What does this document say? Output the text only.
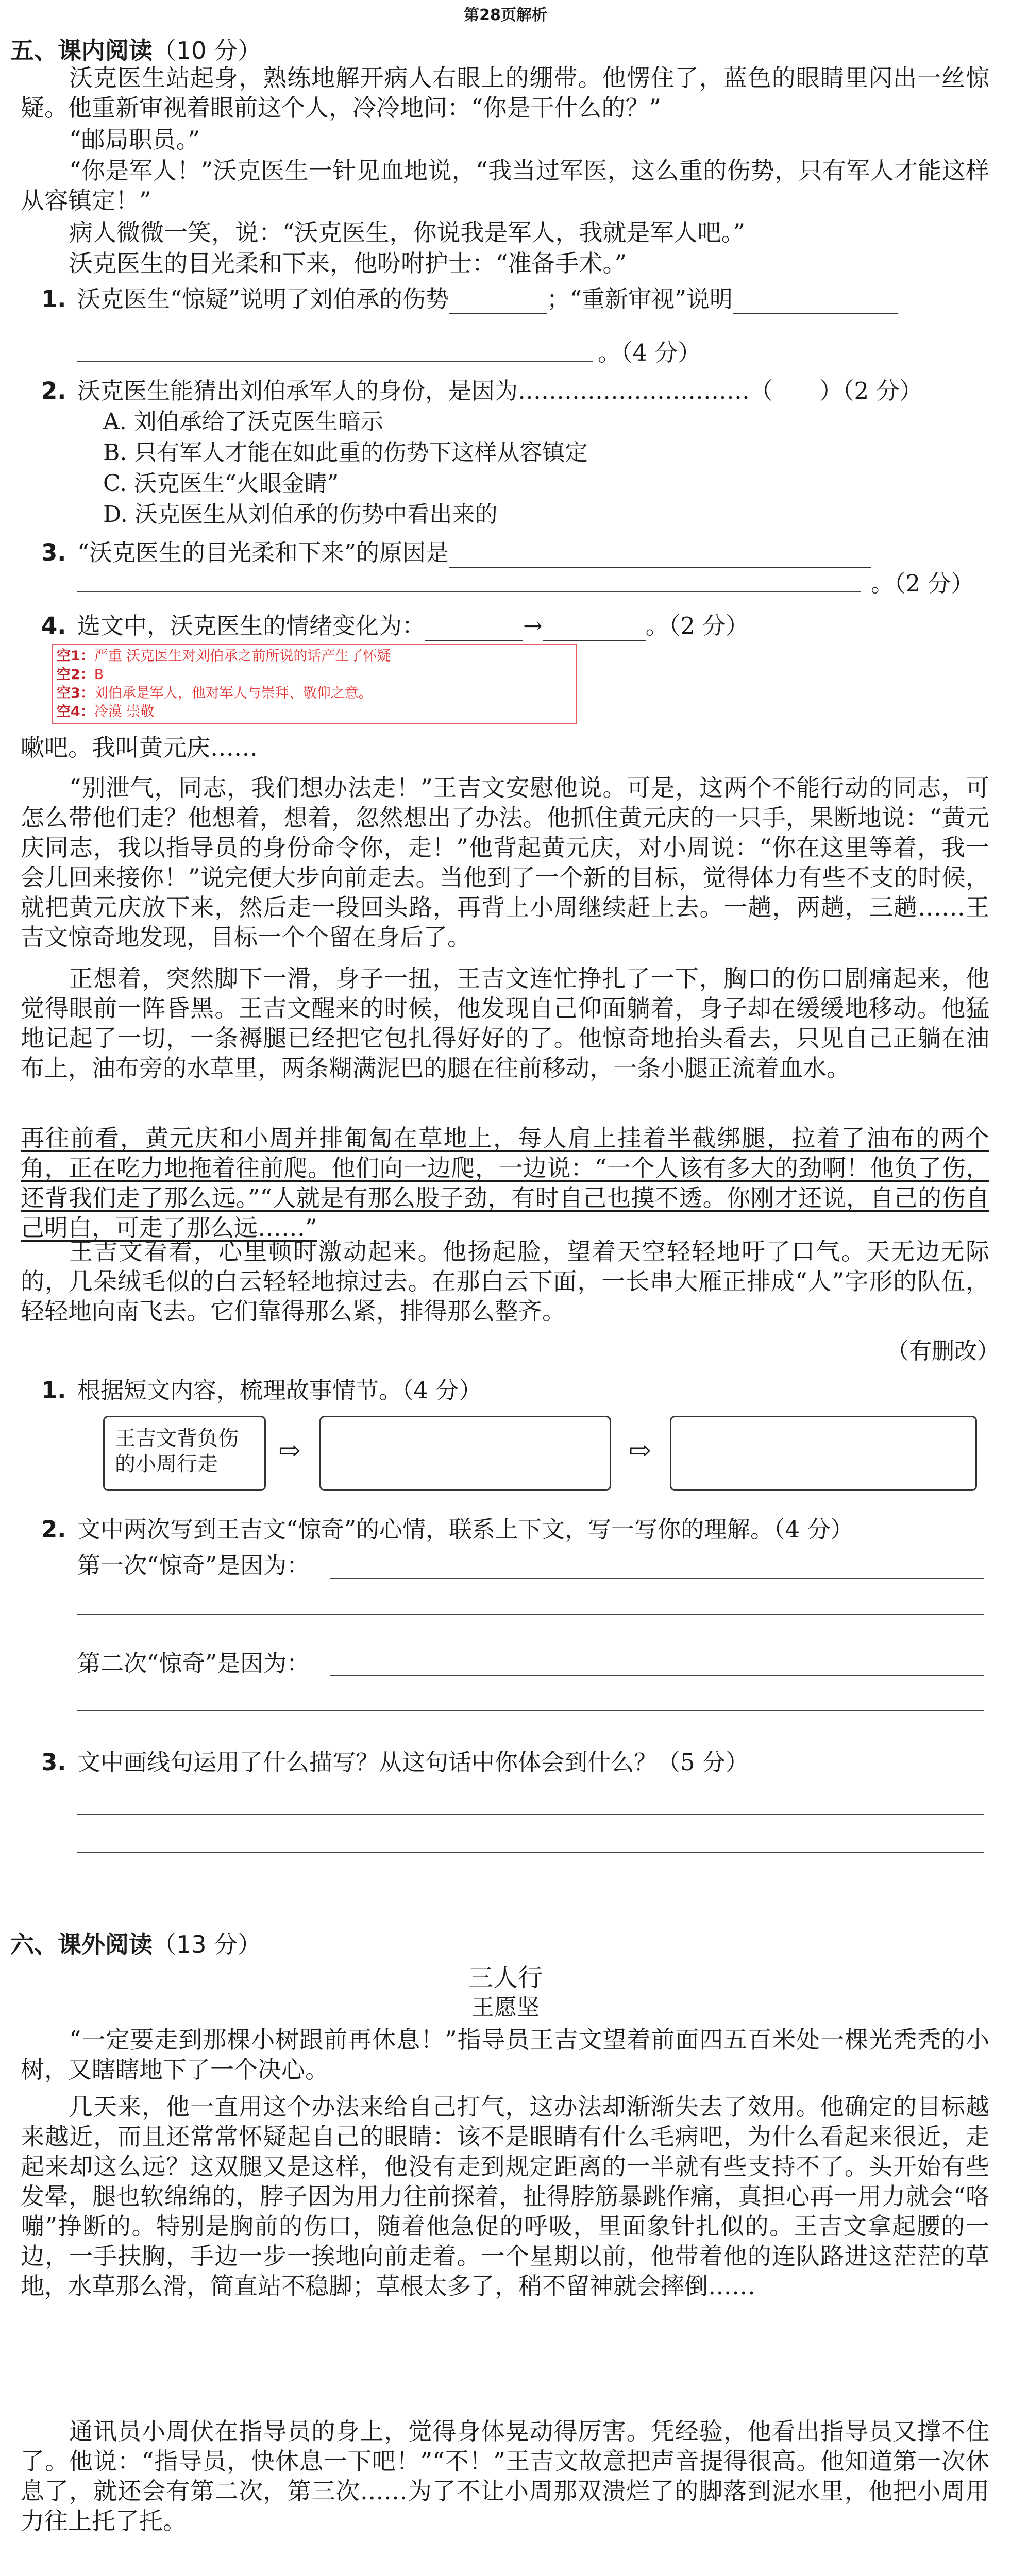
第28页解析
五、课内阅读（10 分）
沃克医生站起身，熟练地解开病人右眼上的绷带。他愣住了，蓝色的眼睛里闪出一丝惊疑。他重新审视着眼前这个人，冷冷地问：“你是干什么的？”
“邮局职员。”
“你是军人！”沃克医生一针见血地说，“我当过军医，这么重的伤势，只有军人才能这样从容镇定！”
病人微微一笑，说：“沃克医生，你说我是军人，我就是军人吧。”
沃克医生的目光柔和下来，他吩咐护士：“准备手术。”
1. 沃克医生“惊疑”说明了刘伯承的伤势	；“重新审视”说明
。（4 分）
2. 沃克医生能猜出刘伯承军人的身份，是因为…………………………（　　）（2 分）
A. 刘伯承给了沃克医生暗示
B. 只有军人才能在如此重的伤势下这样从容镇定
C. 沃克医生“火眼金睛”
D. 沃克医生从刘伯承的伤势中看出来的
3. “沃克医生的目光柔和下来”的原因是
。（2 分）
4. 选文中，沃克医生的情绪变化为：	→	。（2 分）
空1：严重 沃克医生对刘伯承之前所说的话产生了怀疑
空2：B
空3：刘伯承是军人，他对军人与崇拜、敬仰之意。
空4：冷漠 崇敬
嗽吧。我叫黄元庆……
“别泄气，同志，我们想办法走！”王吉文安慰他说。可是，这两个不能行动的同志，可怎么带他们走？他想着，想着，忽然想出了办法。他抓住黄元庆的一只手，果断地说：“黄元庆同志，我以指导员的身份命令你，走！”他背起黄元庆，对小周说：“你在这里等着，我一会儿回来接你！”说完便大步向前走去。当他到了一个新的目标，觉得体力有些不支的时候，就把黄元庆放下来，然后走一段回头路，再背上小周继续赶上去。一趟，两趟，三趟……王吉文惊奇地发现，目标一个个留在身后了。
正想着，突然脚下一滑，身子一扭，王吉文连忙挣扎了一下，胸口的伤口剧痛起来，他觉得眼前一阵昏黑。王吉文醒来的时候，他发现自己仰面躺着，身子却在缓缓地移动。他猛地记起了一切，一条褥腿已经把它包扎得好好的了。他惊奇地抬头看去，只见自己正躺在油布上，油布旁的水草里，两条糊满泥巴的腿在往前移动，一条小腿正流着血水。
再往前看，黄元庆和小周并排匍匐在草地上，每人肩上挂着半截绑腿，拉着了油布的两个角，正在吃力地拖着往前爬。他们向一边爬，一边说：“一个人该有多大的劲啊！他负了伤，还背我们走了那么远。”“人就是有那么股子劲，有时自己也摸不透。你刚才还说，自己的伤自己明白，可走了那么远……”
王吉文看着，心里顿时激动起来。他扬起脸，望着天空轻轻地吁了口气。天无边无际的，几朵绒毛似的白云轻轻地掠过去。在那白云下面，一长串大雁正排成“人”字形的队伍，轻轻地向南飞去。它们靠得那么紧，排得那么整齐。
（有删改）
1. 根据短文内容，梳理故事情节。（4 分）
王吉文背负伤的小周行走	⇨	⇨
2. 文中两次写到王吉文“惊奇”的心情，联系上下文，写一写你的理解。（4 分）
第一次“惊奇”是因为：
第二次“惊奇”是因为：
3. 文中画线句运用了什么描写？从这句话中你体会到什么？（5 分）
六、课外阅读（13 分）
三人行
王愿坚
“一定要走到那棵小树跟前再休息！”指导员王吉文望着前面四五百米处一棵光秃秃的小树，又瞎瞎地下了一个决心。
几天来，他一直用这个办法来给自己打气，这办法却渐渐失去了效用。他确定的目标越来越近，而且还常常怀疑起自己的眼睛：该不是眼睛有什么毛病吧，为什么看起来很近，走起来却这么远？这双腿又是这样，他没有走到规定距离的一半就有些支持不了。头开始有些发晕，腿也软绵绵的，脖子因为用力往前探着，扯得脖筋暴跳作痛，真担心再一用力就会“咯嘣”挣断的。特别是胸前的伤口，随着他急促的呼吸，里面象针扎似的。王吉文拿起腰的一边，一手扶胸，手边一步一挨地向前走着。一个星期以前，他带着他的连队路进这茫茫的草地，水草那么滑，简直站不稳脚；草根太多了，稍不留神就会摔倒……
通讯员小周伏在指导员的身上，觉得身体晃动得厉害。凭经验，他看出指导员又撑不住了。他说：“指导员，快休息一下吧！”“不！”王吉文故意把声音提得很高。他知道第一次休息了，就还会有第二次，第三次……为了不让小周那双溃烂了的脚落到泥水里，他把小周用力往上托了托。
